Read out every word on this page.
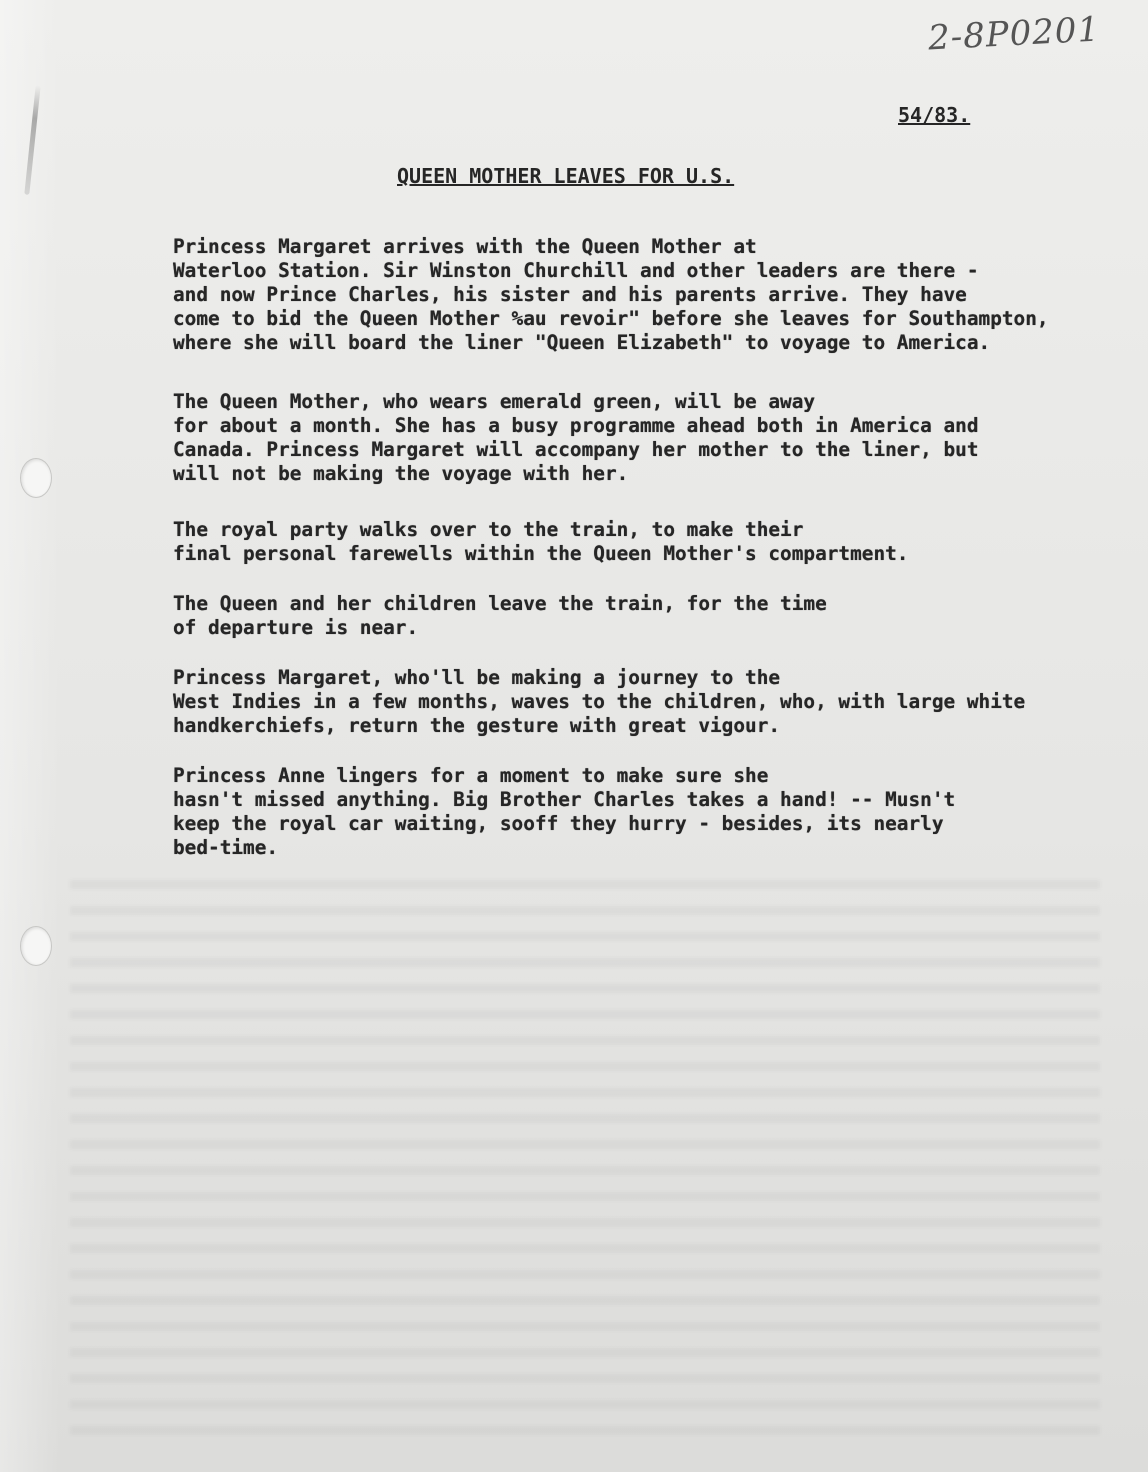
2-8P0201
54/83.
QUEEN MOTHER LEAVES FOR U.S.

Princess Margaret arrives with the Queen Mother at
Waterloo Station. Sir Winston Churchill and other leaders are there -
and now Prince Charles, his sister and his parents arrive. They have
come to bid the Queen Mother %au revoir" before she leaves for Southampton,
where she will board the liner "Queen Elizabeth" to voyage to America.

The Queen Mother, who wears emerald green, will be away
for about a month. She has a busy programme ahead both in America and
Canada. Princess Margaret will accompany her mother to the liner, but
will not be making the voyage with her.

The royal party walks over to the train, to make their
final personal farewells within the Queen Mother's compartment.

The Queen and her children leave the train, for the time
of departure is near.

Princess Margaret, who'll be making a journey to the
West Indies in a few months, waves to the children, who, with large white
handkerchiefs, return the gesture with great vigour.

Princess Anne lingers for a moment to make sure she
hasn't missed anything. Big Brother Charles takes a hand! -- Musn't
keep the royal car waiting, sooff they hurry - besides, its nearly
bed-time.
